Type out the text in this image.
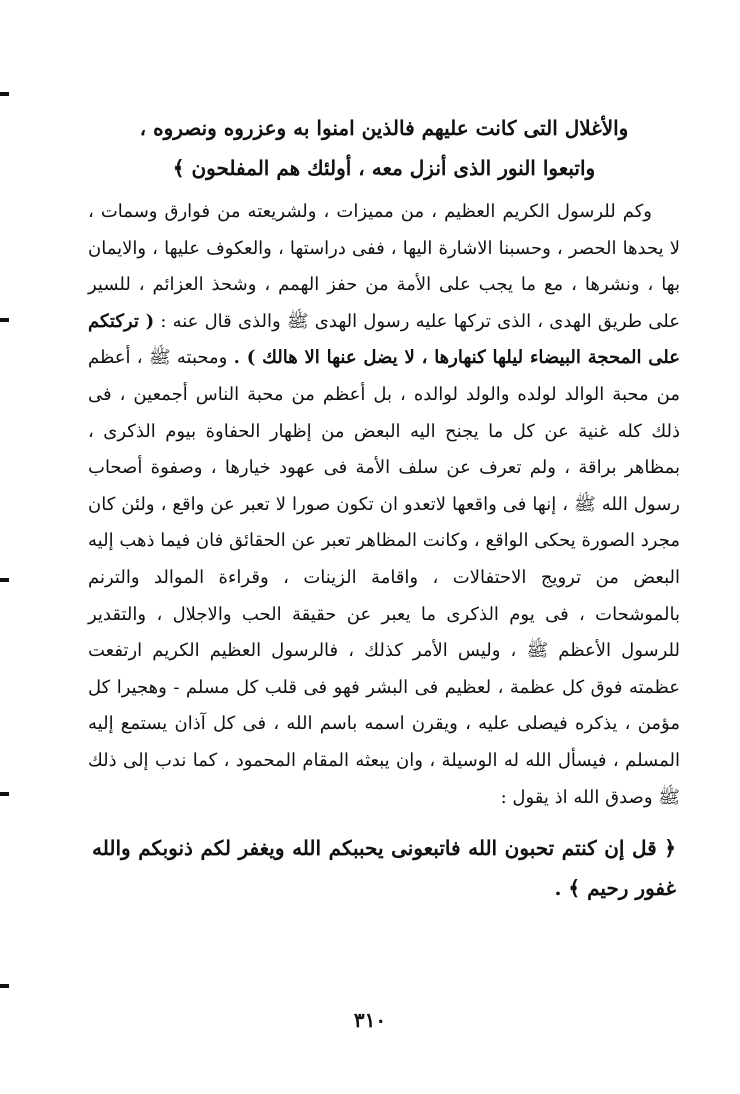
والأغلال التى كانت عليهم فالذين امنوا به وعزروه ونصروه ،
واتبعوا النور الذى أنزل معه ، أولئك هم المفلحون ﴾

وكم للرسول الكريم العظيم ، من مميزات ، ولشريعته من فوارق وسمات ، لا يحدها الحصر ، وحسبنا الاشارة اليها ، ففى دراستها ، والعكوف عليها ، والايمان بها ، ونشرها ، مع ما يجب على الأمة من حفز الهمم ، وشحذ العزائم ، للسير على طريق الهدى ، الذى تركها عليه رسول الهدى ﷺ والذى قال عنه : ( تركتكم على المحجة البيضاء ليلها كنهارها ، لا يضل عنها الا هالك ) . ومحبته ﷺ ، أعظم من محبة الوالد لولده والولد لوالده ، بل أعظم من محبة الناس أجمعين ، فى ذلك كله غنية عن كل ما يجنح اليه البعض من إظهار الحفاوة بيوم الذكرى ، بمظاهر براقة ، ولم تعرف عن سلف الأمة فى عهود خيارها ، وصفوة أصحاب رسول الله ﷺ ، إنها فى واقعها لاتعدو ان تكون صورا لا تعبر عن واقع ، ولئن كان مجرد الصورة يحكى الواقع ، وكانت المظاهر تعبر عن الحقائق فان فيما ذهب إليه البعض من ترويج الاحتفالات ، واقامة الزينات ، وقراءة الموالد والترنم بالموشحات ، فى يوم الذكرى ما يعبر عن حقيقة الحب والاجلال ، والتقدير للرسول الأعظم ﷺ ، وليس الأمر كذلك ، فالرسول العظيم الكريم ارتفعت عظمته فوق كل عظمة ، لعظيم فى البشر فهو فى قلب كل مسلم - وهجيرا كل مؤمن ، يذكره فيصلى عليه ، ويقرن اسمه باسم الله ، فى كل آذان يستمع إليه المسلم ، فيسأل الله له الوسيلة ، وان يبعثه المقام المحمود ، كما ندب إلى ذلك ﷺ وصدق الله اذ يقول :

﴿ قل إن كنتم تحبون الله فاتبعونى يحببكم الله ويغفر لكم ذنوبكم والله غفور رحيم ﴾ .
٣١٠
